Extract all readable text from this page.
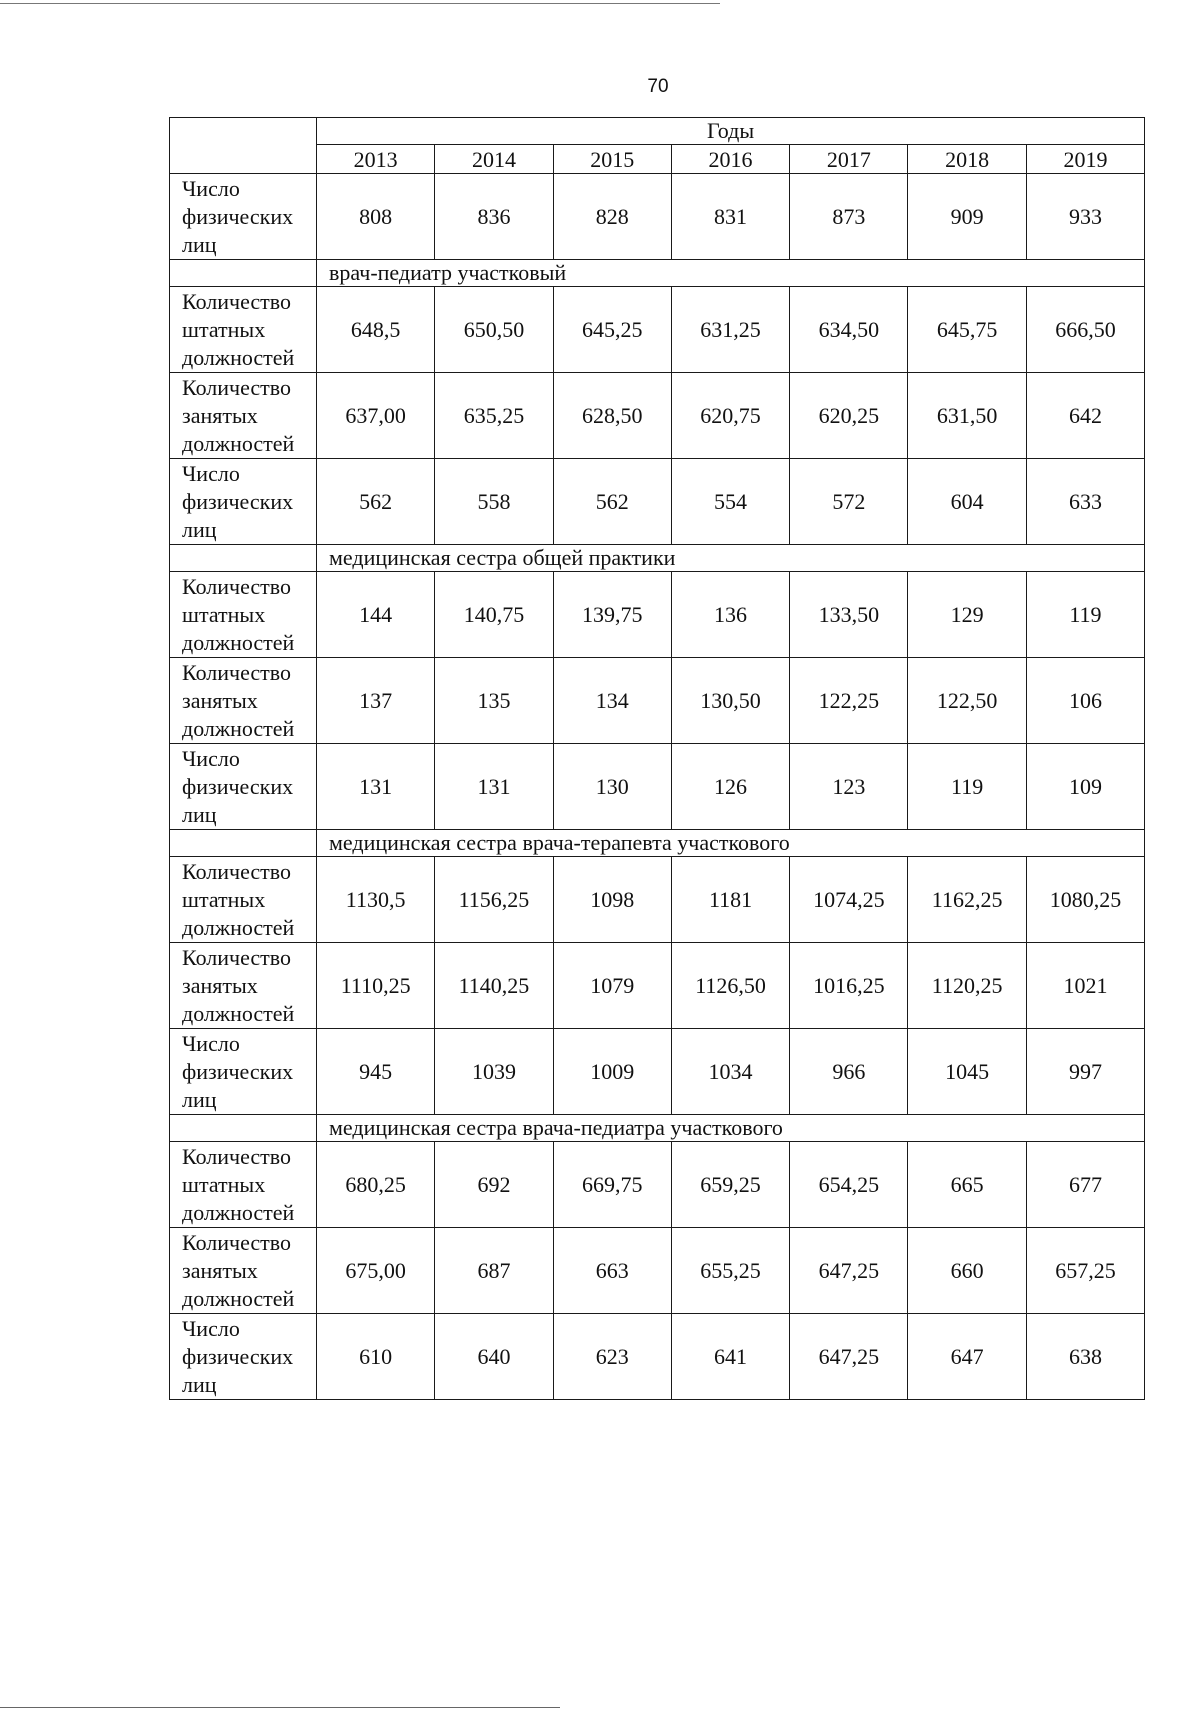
70
	Годы						
	2013	2014	2015	2016	2017	2018	2019

Число
физических
лиц	808	836	828	831	873	909	933
	врач-педиатр участковый						

Количество
штатных
должностей	648,5	650,50	645,25	631,25	634,50	645,75	666,50

Количество
занятых
должностей	637,00	635,25	628,50	620,75	620,25	631,50	642

Число
физических
лиц	562	558	562	554	572	604	633
	медицинская сестра общей практики						

Количество
штатных
должностей	144	140,75	139,75	136	133,50	129	119

Количество
занятых
должностей	137	135	134	130,50	122,25	122,50	106

Число
физических
лиц	131	131	130	126	123	119	109
	медицинская сестра врача-терапевта участкового						

Количество
штатных
должностей	1130,5	1156,25	1098	1181	1074,25	1162,25	1080,25

Количество
занятых
должностей	1110,25	1140,25	1079	1126,50	1016,25	1120,25	1021

Число
физических
лиц	945	1039	1009	1034	966	1045	997
	медицинская сестра врача-педиатра участкового						

Количество
штатных
должностей	680,25	692	669,75	659,25	654,25	665	677

Количество
занятых
должностей	675,00	687	663	655,25	647,25	660	657,25

Число
физических
лиц	610	640	623	641	647,25	647	638
